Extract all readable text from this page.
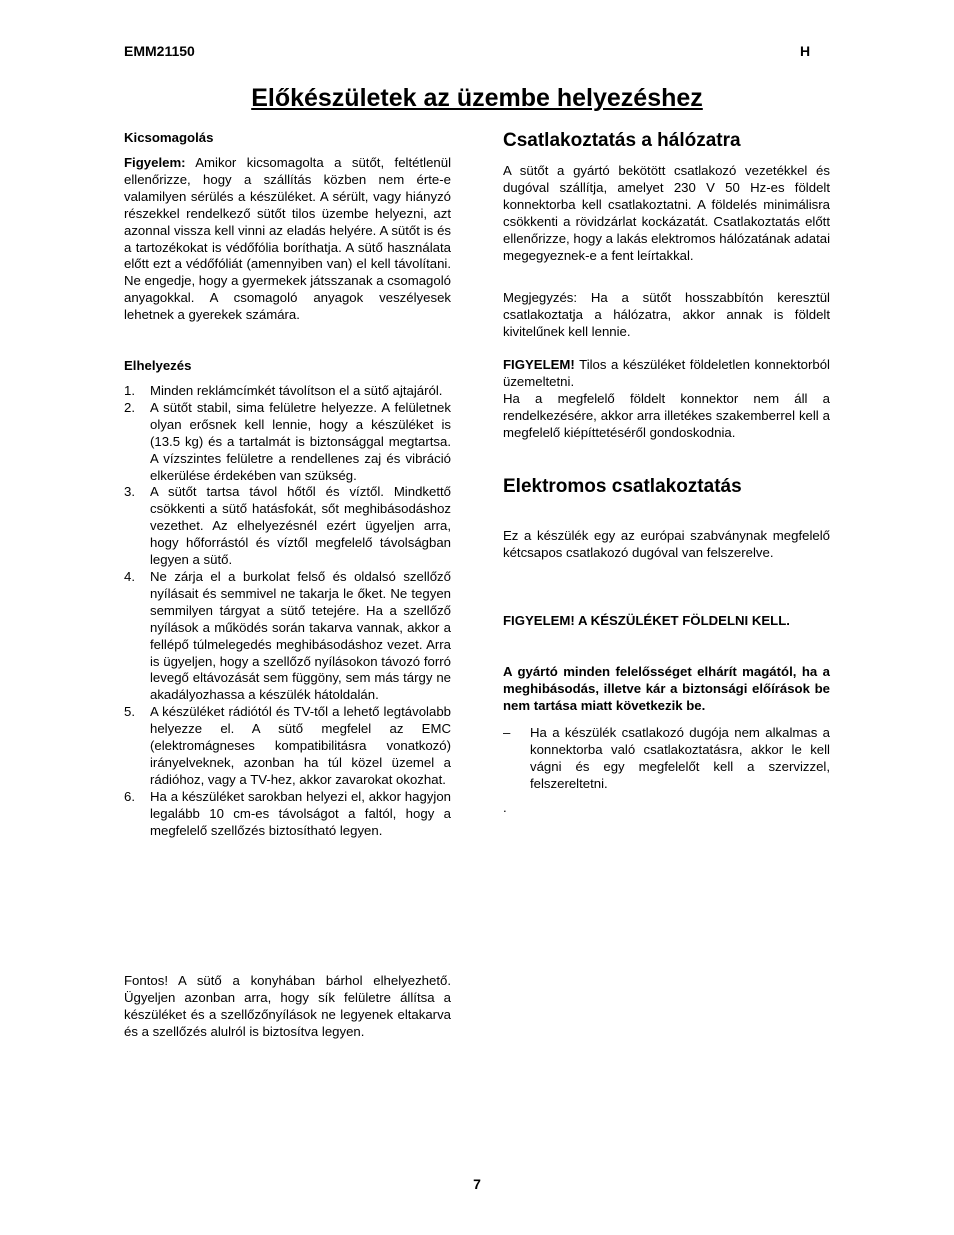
EMM21150	H
Előkészületek az üzembe helyezéshez
Kicsomagolás

Figyelem: Amikor kicsomagolta a sütőt, feltétlenül ellenőrizze, hogy a szállítás közben nem érte-e valamilyen sérülés a készüléket. A sérült, vagy hiányzó részekkel rendelkező sütőt tilos üzembe helyezni, azt azonnal vissza kell vinni az eladás helyére. A sütőt is és a tartozékokat is védőfólia boríthatja. A sütő használata előtt ezt a védőfóliát (amennyiben van) el kell távolítani. Ne engedje, hogy a gyermekek játsszanak a csomagoló anyagokkal. A csomagoló anyagok veszélyesek lehetnek a gyerekek számára.

Elhelyezés
1. Minden reklámcímkét távolítson el a sütő ajtajáról.
2. A sütőt stabil, sima felületre helyezze. A felületnek olyan erősnek kell lennie, hogy a készüléket is (13.5 kg) és a tartalmát is biztonsággal megtartsa. A vízszintes felületre a rendellenes zaj és vibráció elkerülése érdekében van szükség.
3. A sütőt tartsa távol hőtől és víztől. Mindkettő csökkenti a sütő hatásfokát, sőt meghibásodáshoz vezethet. Az elhelyezésnél ezért ügyeljen arra, hogy hőforrástól és víztől megfelelő távolságban legyen a sütő.
4. Ne zárja el a burkolat felső és oldalsó szellőző nyílásait és semmivel ne takarja le őket. Ne tegyen semmilyen tárgyat a sütő tetejére. Ha a szellőző nyílások a működés során takarva vannak, akkor a fellépő túlmelegedés meghibásodáshoz vezet. Arra is ügyeljen, hogy a szellőző nyílásokon távozó forró levegő eltávozását sem függöny, sem más tárgy ne akadályozhassa a készülék hátoldalán.
5. A készüléket rádiótól és TV-től a lehető legtávolabb helyezze el. A sütő megfelel az EMC (elektromágneses kompatibilitásra vonatkozó) irányelveknek, azonban ha túl közel üzemel a rádióhoz, vagy a TV-hez, akkor zavarokat okozhat.
6. Ha a készüléket sarokban helyezi el, akkor hagyjon legalább 10 cm-es távolságot a faltól, hogy a megfelelő szellőzés biztosítható legyen.

Fontos! A sütő a konyhában bárhol elhelyezhető. Ügyeljen azonban arra, hogy sík felületre állítsa a készüléket és a szellőzőnyílások ne legyenek eltakarva és a szellőzés alulról is biztosítva legyen.

Csatlakoztatás a hálózatra

A sütőt a gyártó bekötött csatlakozó vezetékkel és dugóval szállítja, amelyet 230 V 50 Hz-es földelt konnektorba kell csatlakoztatni. A földelés minimálisra csökkenti a rövidzárlat kockázatát. Csatlakoztatás előtt ellenőrizze, hogy a lakás elektromos hálózatának adatai megegyeznek-e a fent leírtakkal.

Megjegyzés: Ha a sütőt hosszabbítón keresztül csatlakoztatja a hálózatra, akkor annak is földelt kivitelűnek kell lennie.

FIGYELEM! Tilos a készüléket földeletlen konnektorból üzemeltetni.

Ha a megfelelő földelt konnektor nem áll a rendelkezésére, akkor arra illetékes szakemberrel kell a megfelelő kiépíttetéséről gondoskodnia.

Elektromos csatlakoztatás

Ez a készülék egy az európai szabványnak megfelelő kétcsapos csatlakozó dugóval van felszerelve.

FIGYELEM! A KÉSZÜLÉKET FÖLDELNI KELL.

A gyártó minden felelősséget elhárít magától, ha a meghibásodás, illetve kár a biztonsági előírások be nem tartása miatt következik be.

– Ha a készülék csatlakozó dugója nem alkalmas a konnektorba való csatlakoztatásra, akkor le kell vágni és egy megfelelőt kell a szervizzel, felszereltetni.
.
7
